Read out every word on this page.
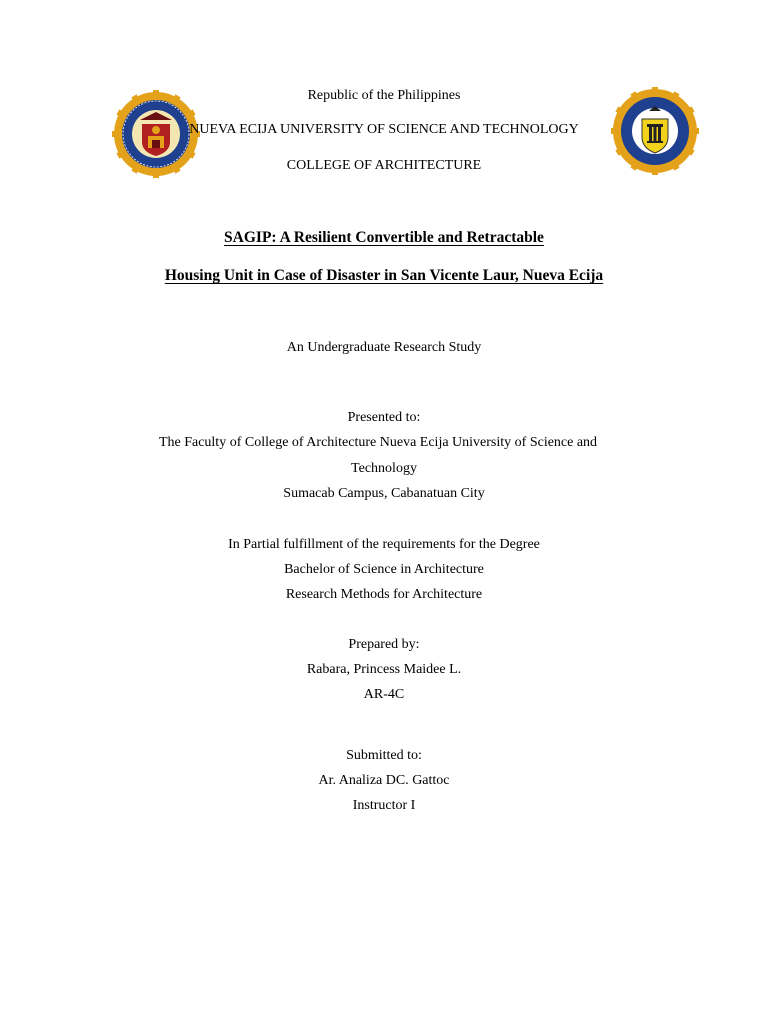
Republic of the Philippines
NUEVA ECIJA UNIVERSITY OF SCIENCE AND TECHNOLOGY
COLLEGE OF ARCHITECTURE
SAGIP: A Resilient Convertible and Retractable
Housing Unit in Case of Disaster in San Vicente Laur, Nueva Ecija
An Undergraduate Research Study
Presented to:
The Faculty of College of Architecture Nueva Ecija University of Science and
Technology
Sumacab Campus, Cabanatuan City
In Partial fulfillment of the requirements for the Degree
Bachelor of Science in Architecture
Research Methods for Architecture
Prepared by:
Rabara, Princess Maidee L.
AR-4C
Submitted to:
Ar. Analiza DC. Gattoc
Instructor I
